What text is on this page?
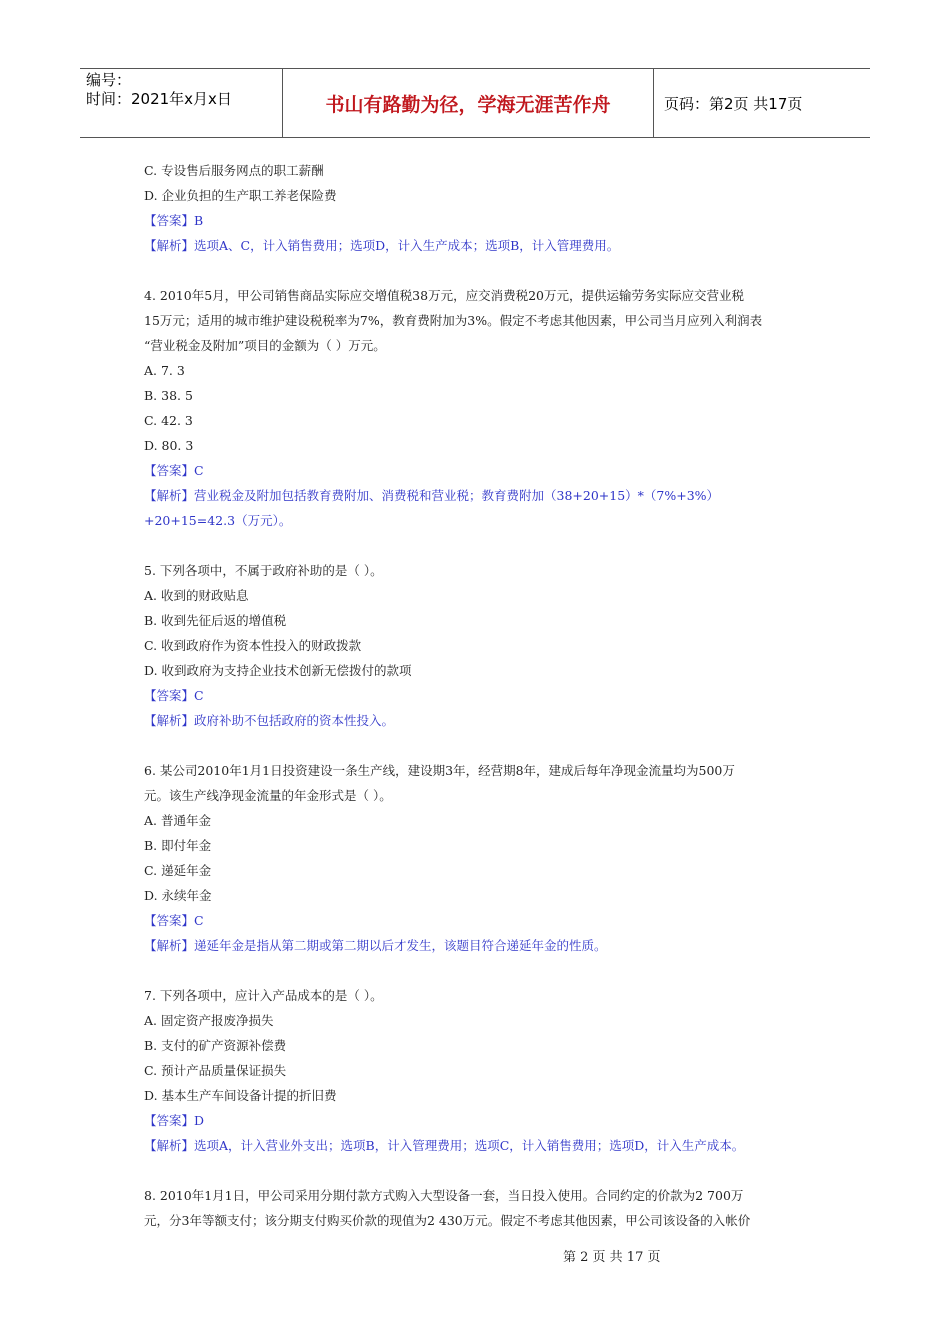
编号：
时间：2021年x月x日	书山有路勤为径，学海无涯苦作舟	页码：第2页 共17页
C. 专设售后服务网点的职工薪酬
D. 企业负担的生产职工养老保险费
【答案】B
【解析】选项A、C，计入销售费用；选项D，计入生产成本；选项B，计入管理费用。
4. 2010年5月，甲公司销售商品实际应交增值税38万元，应交消费税20万元，提供运输劳务实际应交营业税
15万元；适用的城市维护建设税税率为7%，教育费附加为3%。假定不考虑其他因素，甲公司当月应列入利润表
“营业税金及附加”项目的金额为（ ）万元。
A. 7. 3
B. 38. 5
C. 42. 3
D. 80. 3
【答案】C
【解析】营业税金及附加包括教育费附加、消费税和营业税；教育费附加（38+20+15）*（7%+3%）
+20+15=42.3（万元）。
5. 下列各项中，不属于政府补助的是（ ）。
A. 收到的财政贴息
B. 收到先征后返的增值税
C. 收到政府作为资本性投入的财政拨款
D. 收到政府为支持企业技术创新无偿拨付的款项
【答案】C
【解析】政府补助不包括政府的资本性投入。
6. 某公司2010年1月1日投资建设一条生产线，建设期3年，经营期8年，建成后每年净现金流量均为500万
元。该生产线净现金流量的年金形式是（ ）。
A. 普通年金
B. 即付年金
C. 递延年金
D. 永续年金
【答案】C
【解析】递延年金是指从第二期或第二期以后才发生，该题目符合递延年金的性质。
7. 下列各项中，应计入产品成本的是（ ）。
A. 固定资产报废净损失
B. 支付的矿产资源补偿费
C. 预计产品质量保证损失
D. 基本生产车间设备计提的折旧费
【答案】D
【解析】选项A，计入营业外支出；选项B，计入管理费用；选项C，计入销售费用；选项D，计入生产成本。
8. 2010年1月1日，甲公司采用分期付款方式购入大型设备一套，当日投入使用。合同约定的价款为2 700万
元，分3年等额支付；该分期支付购买价款的现值为2 430万元。假定不考虑其他因素，甲公司该设备的入帐价
第 2 页 共 17 页
